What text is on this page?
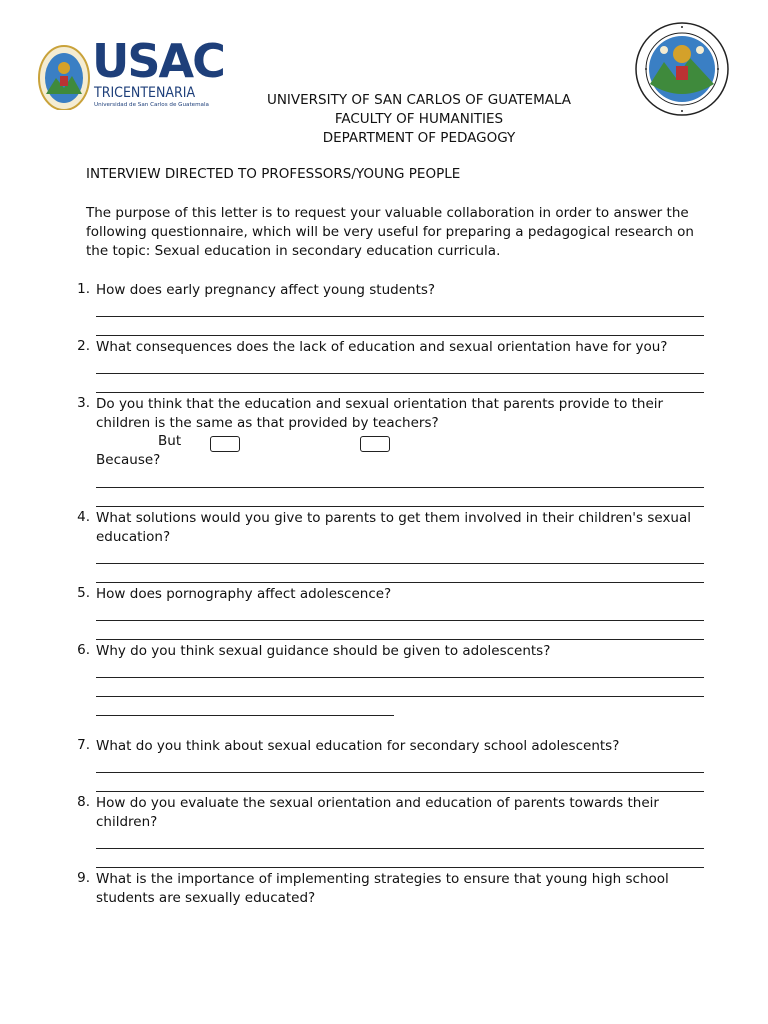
USAC
TRICENTENARIA
Universidad de San Carlos de Guatemala	UNIVERSITY OF SAN CARLOS OF GUATEMALA
FACULTY OF HUMANITIES
DEPARTMENT OF PEDAGOGY
INTERVIEW DIRECTED TO PROFESSORS/YOUNG PEOPLE
The purpose of this letter is to request your valuable collaboration in order to answer the following questionnaire, which will be very useful for preparing a pedagogical research on the topic: Sexual education in secondary education curricula.
1. How does early pregnancy affect young students?
2. What consequences does the lack of education and sexual orientation have for you?
3. Do you think that the education and sexual orientation that parents provide to their children is the same as that provided by teachers?
But
Because?
4. What solutions would you give to parents to get them involved in their children's sexual education?
5. How does pornography affect adolescence?
6. Why do you think sexual guidance should be given to adolescents?
7. What do you think about sexual education for secondary school adolescents?
8. How do you evaluate the sexual orientation and education of parents towards their children?
9. What is the importance of implementing strategies to ensure that young high school students are sexually educated?
